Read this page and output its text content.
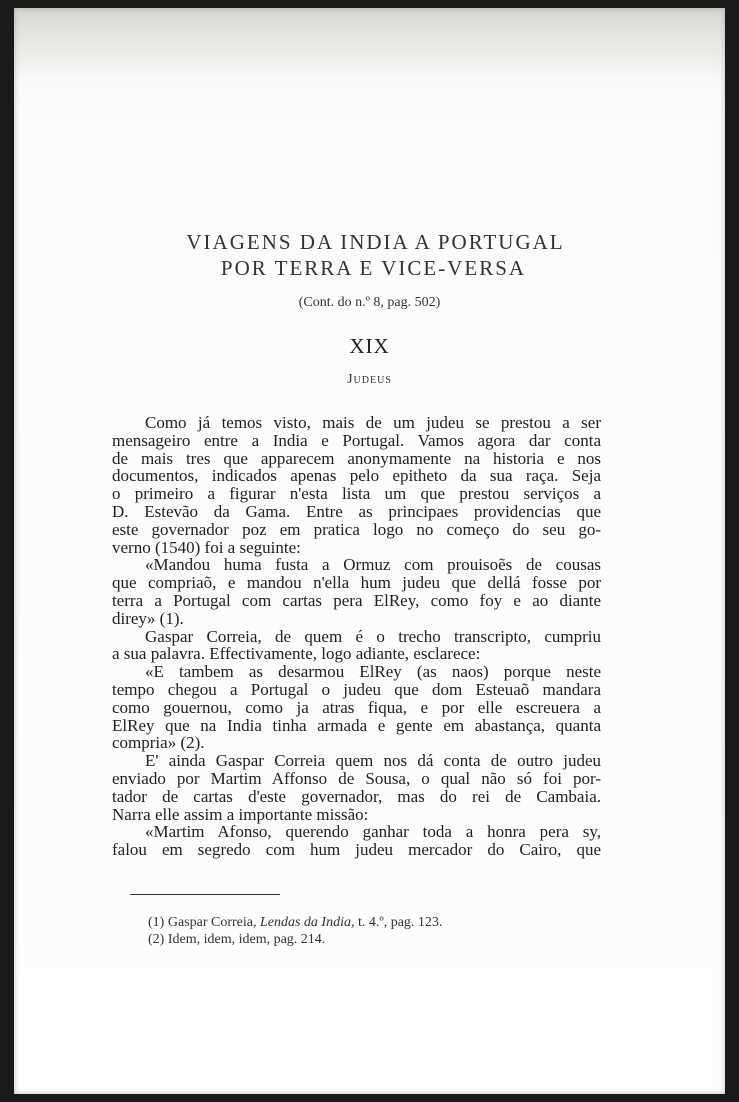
VIAGENS DA INDIA A PORTUGAL
POR TERRA E VICE-VERSA
(Cont. do n.º 8, pag. 502)
XIX
Judeus
Como já temos visto, mais de um judeu se prestou a ser
mensageiro entre a India e Portugal. Vamos agora dar conta
de mais tres que apparecem anonymamente na historia e nos
documentos, indicados apenas pelo epitheto da sua raça. Seja
o primeiro a figurar n'esta lista um que prestou serviços a
D. Estevão da Gama. Entre as principaes providencias que
este governador poz em pratica logo no começo do seu go-
verno (1540) foi a seguinte:
«Mandou huma fusta a Ormuz com prouisoẽs de cousas
que compriaõ, e mandou n'ella hum judeu que dellá fosse por
terra a Portugal com cartas pera ElRey, como foy e ao diante
direy» (1).
Gaspar Correia, de quem é o trecho transcripto, cumpriu
a sua palavra. Effectivamente, logo adiante, esclarece:
«E tambem as desarmou ElRey (as naos) porque neste
tempo chegou a Portugal o judeu que dom Esteuaõ mandara
como gouernou, como ja atras fiqua, e por elle escreuera a
ElRey que na India tinha armada e gente em abastança, quanta
compria» (2).
E' ainda Gaspar Correia quem nos dá conta de outro judeu
enviado por Martim Affonso de Sousa, o qual não só foi por-
tador de cartas d'este governador, mas do rei de Cambaia.
Narra elle assim a importante missão:
«Martim Afonso, querendo ganhar toda a honra pera sy,
falou em segredo com hum judeu mercador do Cairo, que
(1) Gaspar Correia, Lendas da India, t. 4.º, pag. 123.
(2) Idem, idem, idem, pag. 214.
